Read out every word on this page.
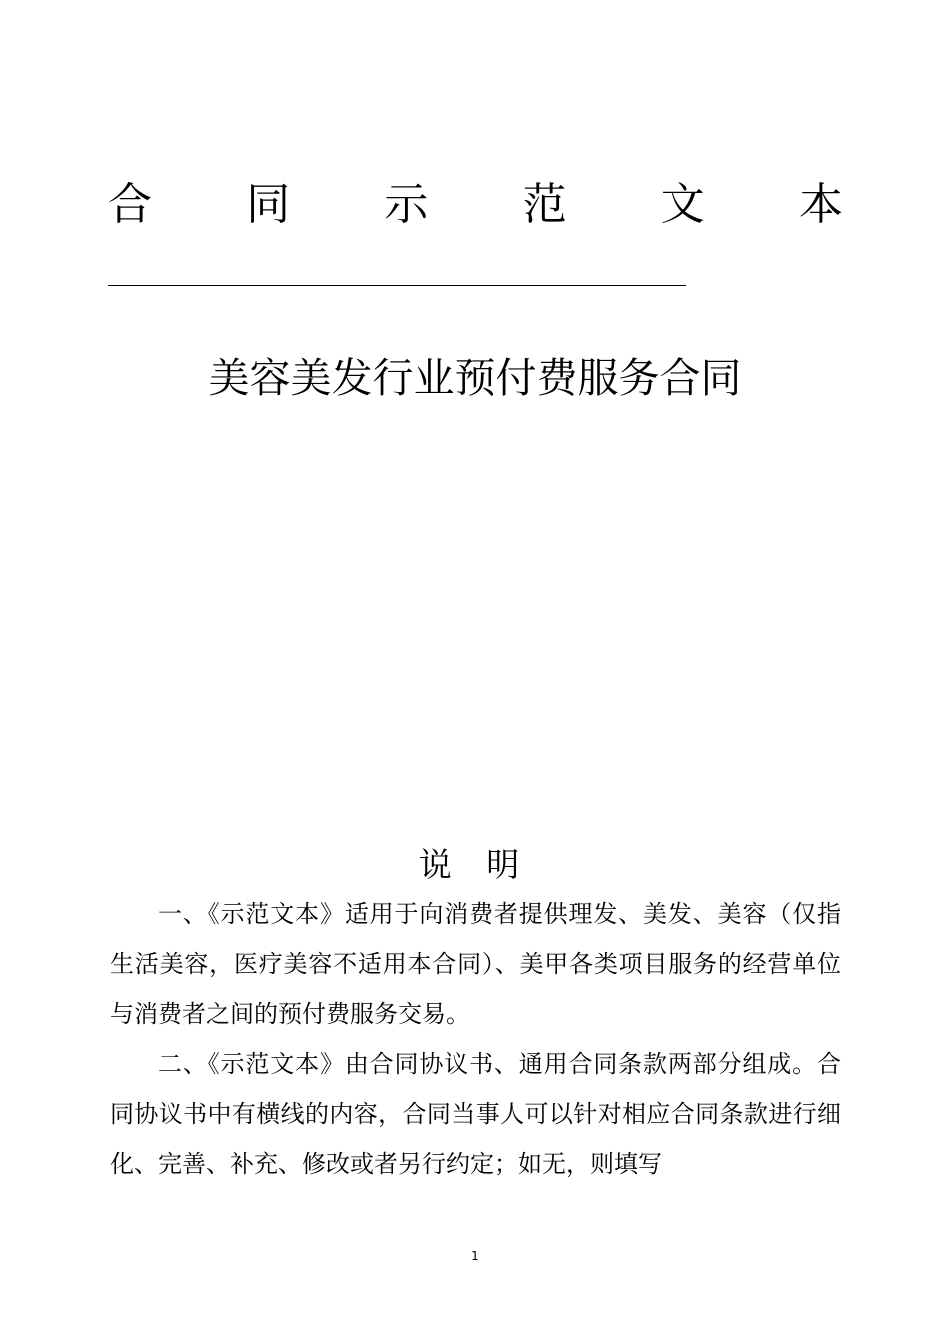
合 同 示 范 文 本
美容美发行业预付费服务合同
说 明

一、《示范文本》适用于向消费者提供理发、美发、美容（仅指生活美容，医疗美容不适用本合同）、美甲各类项目服务的经营单位与消费者之间的预付费服务交易。

二、《示范文本》由合同协议书、通用合同条款两部分组成。合同协议书中有横线的内容，合同当事人可以针对相应合同条款进行细化、完善、补充、修改或者另行约定；如无，则填写

1
